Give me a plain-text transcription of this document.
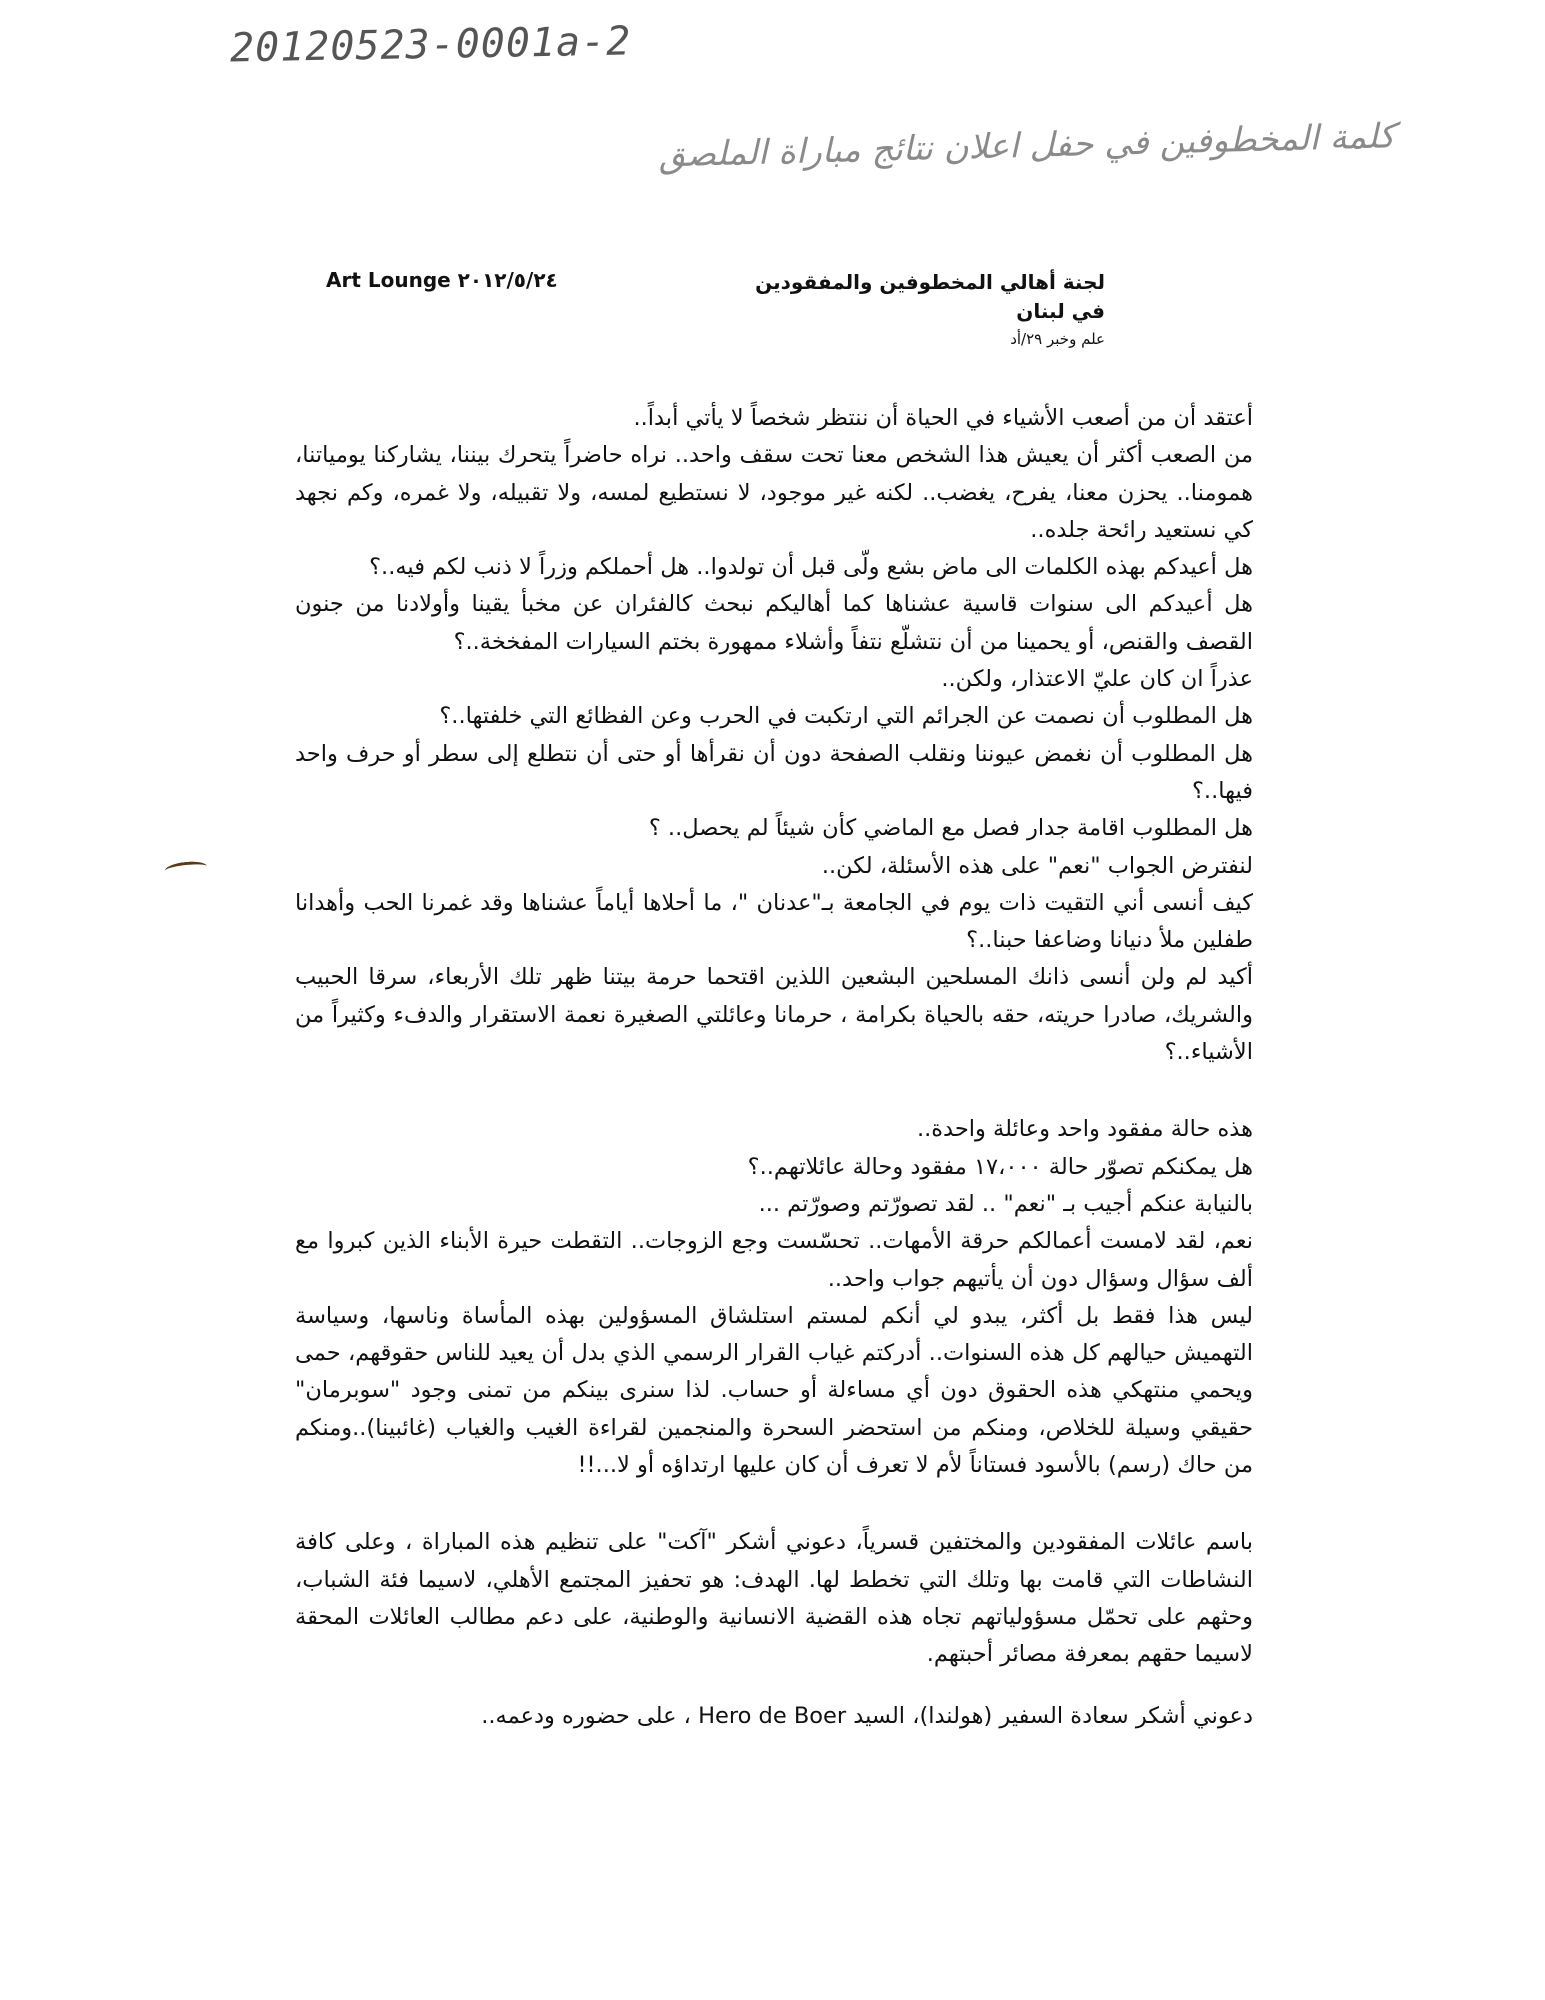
20120523-0001a-2
كلمة المخطوفين في حفل اعلان نتائج مباراة الملصق
لجنة أهالي المخطوفين والمفقودين
في لبنان
علم وخبر ٢٩/أد
Art Lounge ٢٠١٢/٥/٢٤

أعتقد أن من أصعب الأشياء في الحياة أن ننتظر شخصاً لا يأتي أبداً..

من الصعب أكثر أن يعيش هذا الشخص معنا تحت سقف واحد.. نراه حاضراً يتحرك بيننا، يشاركنا يومياتنا، همومنا.. يحزن معنا، يفرح، يغضب.. لكنه غير موجود، لا نستطيع لمسه، ولا تقبيله، ولا غمره، وكم نجهد كي نستعيد رائحة جلده..

هل أعيدكم بهذه الكلمات الى ماض بشع ولّى قبل أن تولدوا.. هل أحملكم وزراً لا ذنب لكم فيه..؟

هل أعيدكم الى سنوات قاسية عشناها كما أهاليكم نبحث كالفئران عن مخبأ يقينا وأولادنا من جنون القصف والقنص، أو يحمينا من أن نتشلّع نتفاً وأشلاء ممهورة بختم السيارات المفخخة..؟

عذراً ان كان عليّ الاعتذار، ولكن..

هل المطلوب أن نصمت عن الجرائم التي ارتكبت في الحرب وعن الفظائع التي خلفتها..؟

هل المطلوب أن نغمض عيوننا ونقلب الصفحة دون أن نقرأها أو حتى أن نتطلع إلى سطر أو حرف واحد فيها..؟

هل المطلوب اقامة جدار فصل مع الماضي كأن شيئاً لم يحصل.. ؟

لنفترض الجواب "نعم" على هذه الأسئلة، لكن..

كيف أنسى أني التقيت ذات يوم في الجامعة بـ"عدنان "، ما أحلاها أياماً عشناها وقد غمرنا الحب وأهدانا طفلين ملأ دنيانا وضاعفا حبنا..؟

أكيد لم ولن أنسى ذانك المسلحين البشعين اللذين اقتحما حرمة بيتنا ظهر تلك الأربعاء، سرقا الحبيب والشريك، صادرا حريته، حقه بالحياة بكرامة ، حرمانا وعائلتي الصغيرة نعمة الاستقرار والدفء وكثيراً من الأشياء..؟

هذه حالة مفقود واحد وعائلة واحدة..

هل يمكنكم تصوّر حالة ١٧،٠٠٠ مفقود وحالة عائلاتهم..؟

بالنيابة عنكم أجيب بـ "نعم" .. لقد تصورّتم وصورّتم ...

نعم، لقد لامست أعمالكم حرقة الأمهات.. تحسّست وجع الزوجات.. التقطت حيرة الأبناء الذين كبروا مع ألف سؤال وسؤال دون أن يأتيهم جواب واحد..

ليس هذا فقط بل أكثر، يبدو لي أنكم لمستم استلشاق المسؤولين بهذه المأساة وناسها، وسياسة التهميش حيالهم كل هذه السنوات.. أدركتم غياب القرار الرسمي الذي بدل أن يعيد للناس حقوقهم، حمى ويحمي منتهكي هذه الحقوق دون أي مساءلة أو حساب. لذا سنرى بينكم من تمنى وجود "سوبرمان" حقيقي وسيلة للخلاص، ومنكم من استحضر السحرة والمنجمين لقراءة الغيب والغياب (غائبينا)..ومنكم من حاك (رسم) بالأسود فستاناً لأم لا تعرف أن كان عليها ارتداؤه أو لا...!!

باسم عائلات المفقودين والمختفين قسرياً، دعوني أشكر "آكت" على تنظيم هذه المباراة ، وعلى كافة النشاطات التي قامت بها وتلك التي تخطط لها. الهدف: هو تحفيز المجتمع الأهلي، لاسيما فئة الشباب، وحثهم على تحمّل مسؤولياتهم تجاه هذه القضية الانسانية والوطنية، على دعم مطالب العائلات المحقة لاسيما حقهم بمعرفة مصائر أحبتهم.

دعوني أشكر سعادة السفير (هولندا)، السيد Hero de Boer ، على حضوره ودعمه..
